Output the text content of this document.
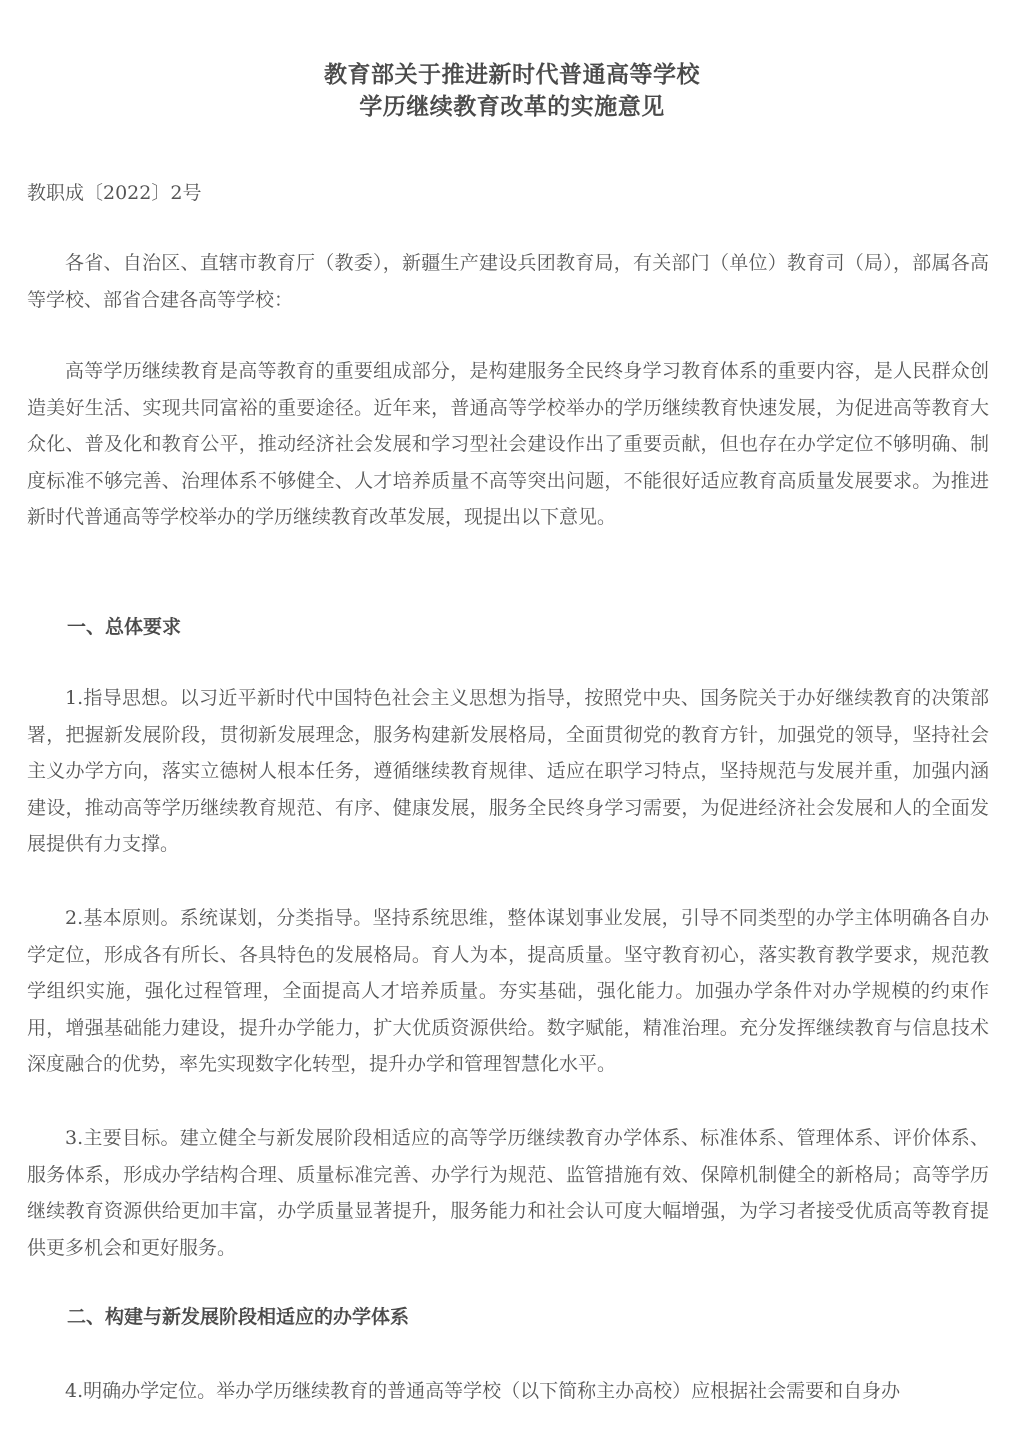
教育部关于推进新时代普通高等学校
学历继续教育改革的实施意见
教职成〔2022〕2号

各省、自治区、直辖市教育厅（教委），新疆生产建设兵团教育局，有关部门（单位）教育司（局），部属各高等学校、部省合建各高等学校：

高等学历继续教育是高等教育的重要组成部分，是构建服务全民终身学习教育体系的重要内容，是人民群众创造美好生活、实现共同富裕的重要途径。近年来，普通高等学校举办的学历继续教育快速发展，为促进高等教育大众化、普及化和教育公平，推动经济社会发展和学习型社会建设作出了重要贡献，但也存在办学定位不够明确、制度标准不够完善、治理体系不够健全、人才培养质量不高等突出问题，不能很好适应教育高质量发展要求。为推进新时代普通高等学校举办的学历继续教育改革发展，现提出以下意见。

一、总体要求

1.指导思想。以习近平新时代中国特色社会主义思想为指导，按照党中央、国务院关于办好继续教育的决策部署，把握新发展阶段，贯彻新发展理念，服务构建新发展格局，全面贯彻党的教育方针，加强党的领导，坚持社会主义办学方向，落实立德树人根本任务，遵循继续教育规律、适应在职学习特点，坚持规范与发展并重，加强内涵建设，推动高等学历继续教育规范、有序、健康发展，服务全民终身学习需要，为促进经济社会发展和人的全面发展提供有力支撑。

2.基本原则。系统谋划，分类指导。坚持系统思维，整体谋划事业发展，引导不同类型的办学主体明确各自办学定位，形成各有所长、各具特色的发展格局。育人为本，提高质量。坚守教育初心，落实教育教学要求，规范教学组织实施，强化过程管理，全面提高人才培养质量。夯实基础，强化能力。加强办学条件对办学规模的约束作用，增强基础能力建设，提升办学能力，扩大优质资源供给。数字赋能，精准治理。充分发挥继续教育与信息技术深度融合的优势，率先实现数字化转型，提升办学和管理智慧化水平。

3.主要目标。建立健全与新发展阶段相适应的高等学历继续教育办学体系、标准体系、管理体系、评价体系、服务体系，形成办学结构合理、质量标准完善、办学行为规范、监管措施有效、保障机制健全的新格局；高等学历继续教育资源供给更加丰富，办学质量显著提升，服务能力和社会认可度大幅增强，为学习者接受优质高等教育提供更多机会和更好服务。

二、构建与新发展阶段相适应的办学体系

4.明确办学定位。举办学历继续教育的普通高等学校（以下简称主办高校）应根据社会需要和自身办
